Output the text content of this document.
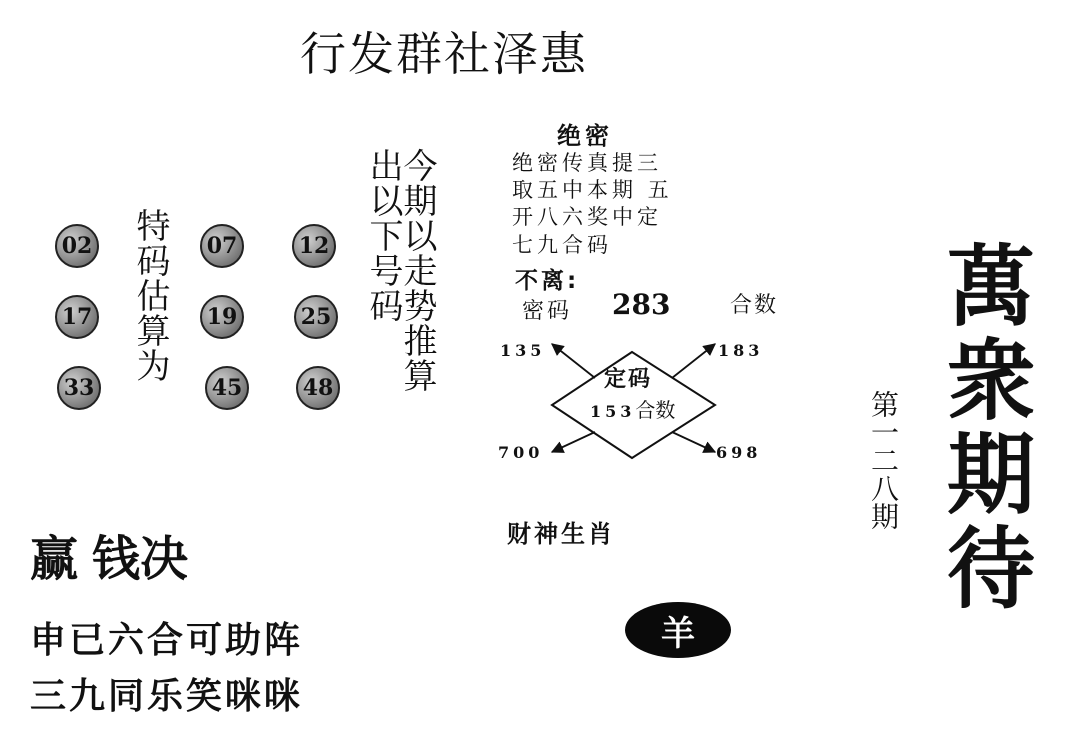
行发群社泽惠
02	07	12
17	19	25
33	45	48
特码估算为	今期以走势推算
出以下号码
绝密
绝密传真提三
取五中本期 五
开八六奖中定
七九合码
不离:
密码 283	合数
定码
153合数
135	183
700	698
财神生肖
羊
赢 钱决
申已六合可助阵
三九同乐笑咪咪
第一二八期 萬衆期待
